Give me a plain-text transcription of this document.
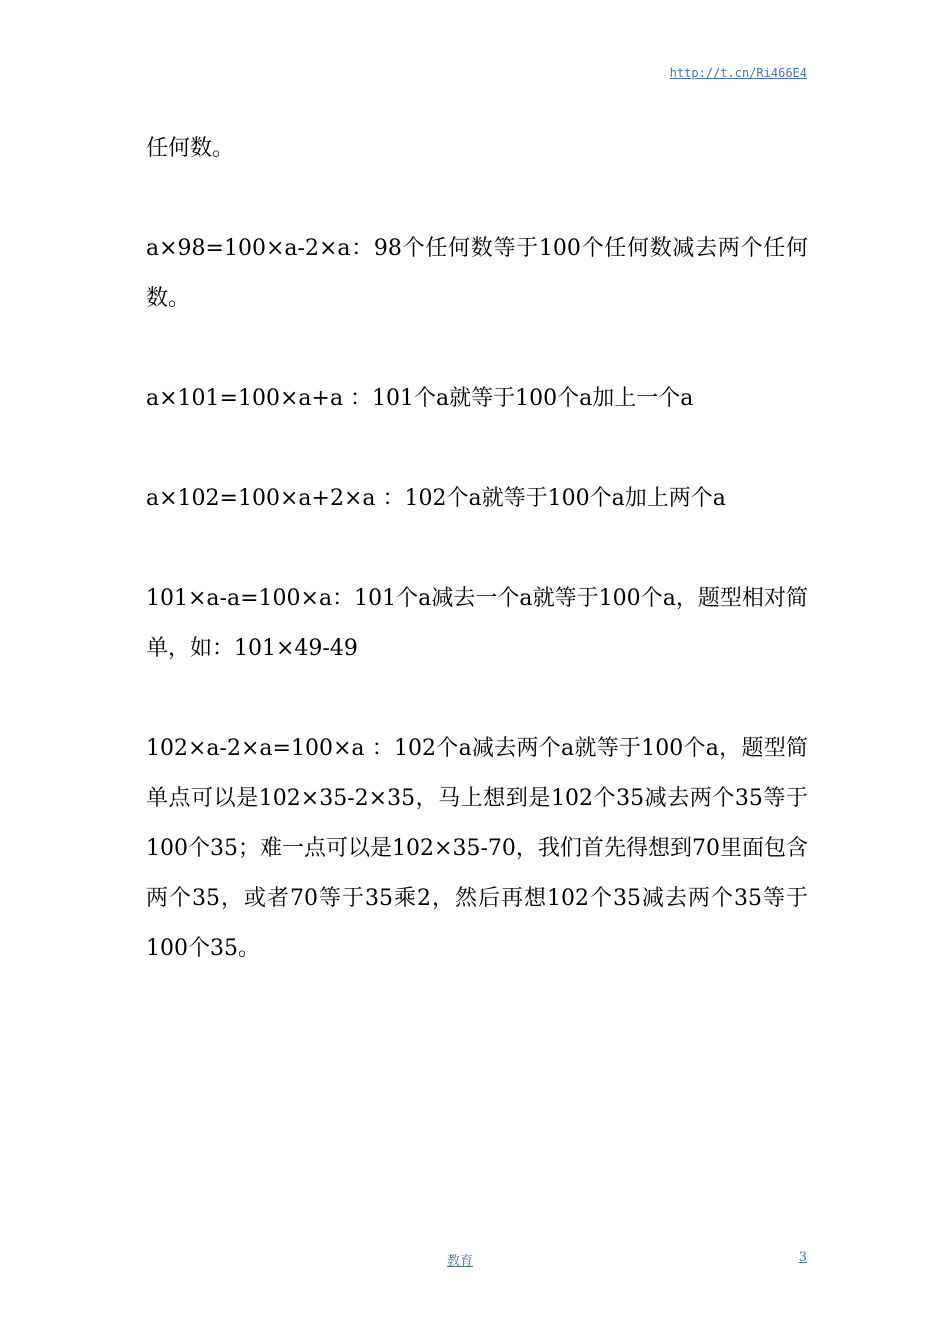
http://t.cn/Ri466E4

任何数。

a×98=100×a-2×a：98个任何数等于100个任何数减去两个任何数。

a×101=100×a+a ：101个a就等于100个a加上一个a

a×102=100×a+2×a ：102个a就等于100个a加上两个a

101×a-a=100×a：101个a减去一个a就等于100个a，题型相对简单，如：101×49-49

102×a-2×a=100×a ：102个a减去两个a就等于100个a，题型简单点可以是102×35-2×35，马上想到是102个35减去两个35等于100个35；难一点可以是102×35-70，我们首先得想到70里面包含两个35，或者70等于35乘2，然后再想102个35减去两个35等于100个35。

教育	3
